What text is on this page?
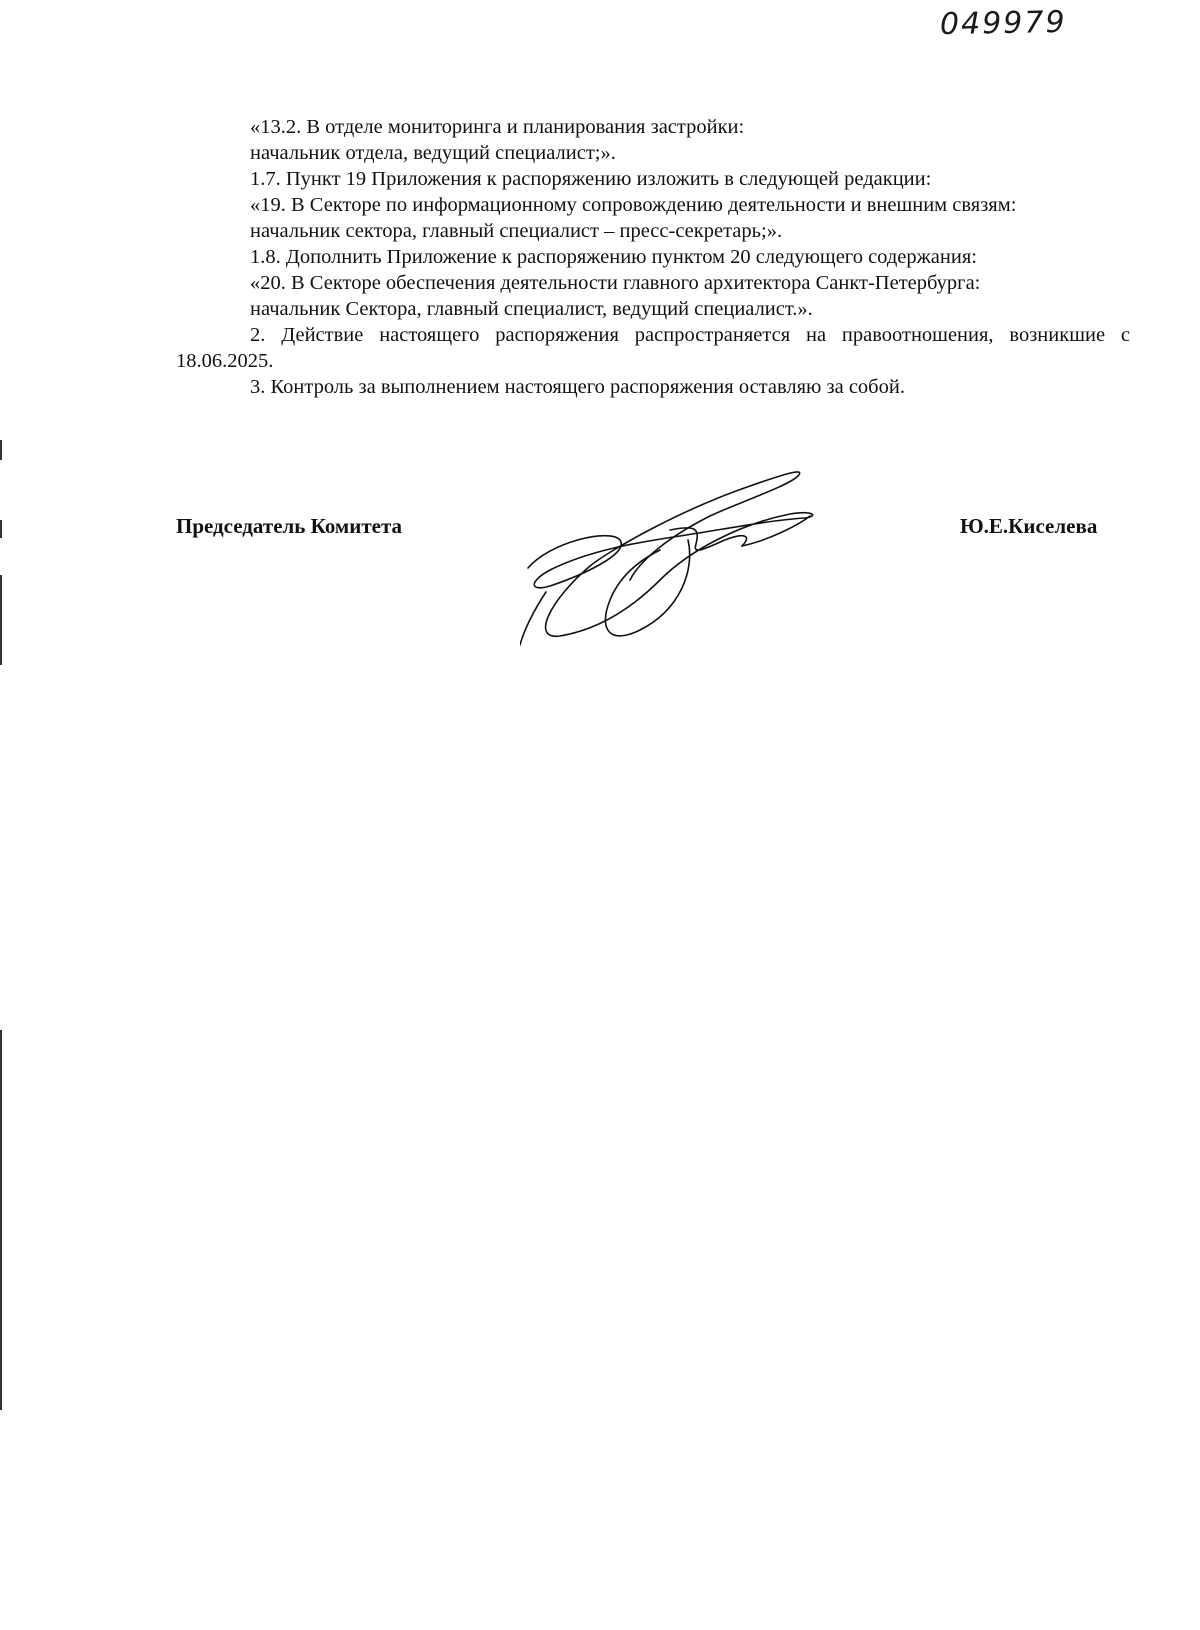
049979

«13.2. В отделе мониторинга и планирования застройки:

начальник отдела, ведущий специалист;».

1.7. Пункт 19 Приложения к распоряжению изложить в следующей редакции:

«19. В Секторе по информационному сопровождению деятельности и внешним связям:

начальник сектора, главный специалист – пресс-секретарь;».

1.8. Дополнить Приложение к распоряжению пунктом 20 следующего содержания:

«20. В Секторе обеспечения деятельности главного архитектора Санкт-Петербурга:

начальник Сектора, главный специалист, ведущий специалист.».

2. Действие настоящего распоряжения распространяется на правоотношения, возникшие с 18.06.2025.

3. Контроль за выполнением настоящего распоряжения оставляю за собой.

Председатель Комитета	Ю.Е.Киселева
